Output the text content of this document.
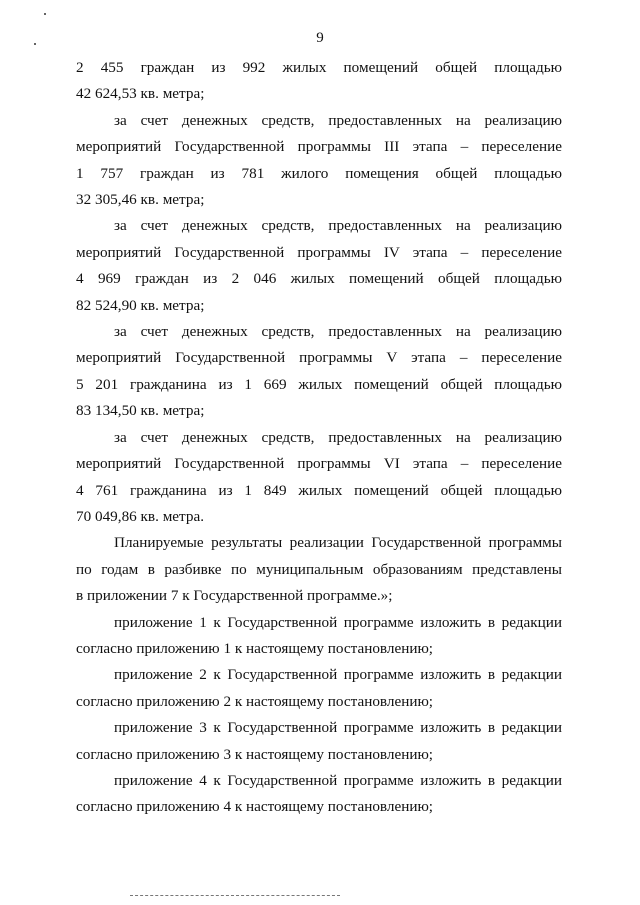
9
2 455 граждан из 992 жилых помещений общей площадью
42 624,53 кв. метра;
за счет денежных средств, предоставленных на реализацию
мероприятий Государственной программы III этапа – переселение
1 757 граждан из 781 жилого помещения общей площадью
32 305,46 кв. метра;
за счет денежных средств, предоставленных на реализацию
мероприятий Государственной программы IV этапа – переселение
4 969 граждан из 2 046 жилых помещений общей площадью
82 524,90 кв. метра;
за счет денежных средств, предоставленных на реализацию
мероприятий Государственной программы V этапа – переселение
5 201 гражданина из 1 669 жилых помещений общей площадью
83 134,50 кв. метра;
за счет денежных средств, предоставленных на реализацию
мероприятий Государственной программы VI этапа – переселение
4 761 гражданина из 1 849 жилых помещений общей площадью
70 049,86 кв. метра.
Планируемые результаты реализации Государственной программы
по годам в разбивке по муниципальным образованиям представлены
в приложении 7 к Государственной программе.»;
приложение 1 к Государственной программе изложить в редакции
согласно приложению 1 к настоящему постановлению;
приложение 2 к Государственной программе изложить в редакции
согласно приложению 2 к настоящему постановлению;
приложение 3 к Государственной программе изложить в редакции
согласно приложению 3 к настоящему постановлению;
приложение 4 к Государственной программе изложить в редакции
согласно приложению 4 к настоящему постановлению;
